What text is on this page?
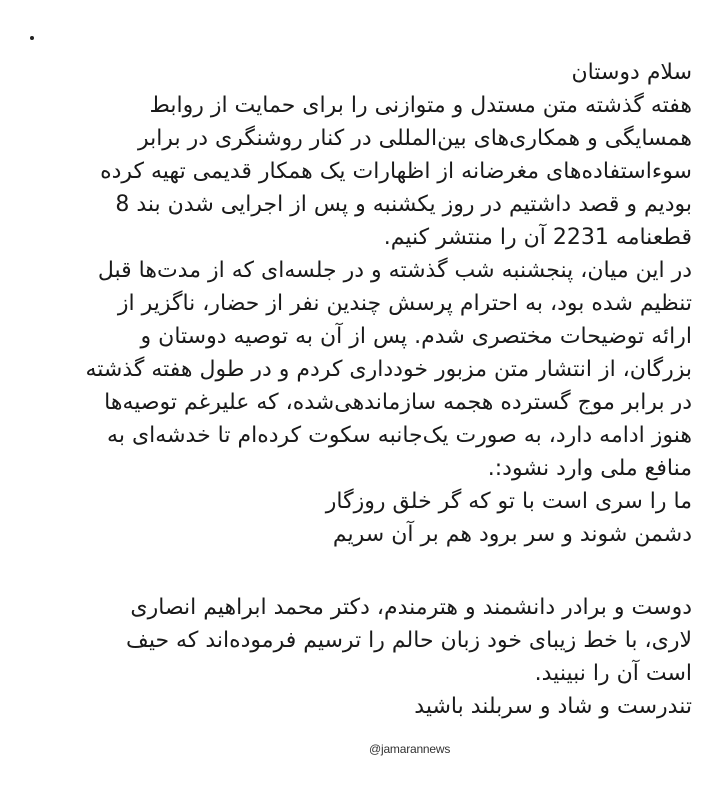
سلام دوستان
هفته گذشته متن مستدل و متوازنی را برای حمایت از روابط
همسایگی و همکاری‌های بین‌المللی در کنار روشنگری در برابر
سوءاستفاده‌های مغرضانه از اظهارات یک همکار قدیمی تهیه کرده
بودیم و قصد داشتیم در روز یکشنبه و پس از اجرایی شدن بند 8
قطعنامه 2231 آن را منتشر کنیم.
در این میان، پنجشنبه شب گذشته و در جلسه‌ای که از مدت‌ها قبل
تنظیم شده بود، به احترام پرسش چندین نفر از حضار، ناگزیر از
ارائه توضیحات مختصری شدم. پس از آن به توصیه دوستان و
بزرگان، از انتشار متن مزبور خودداری کردم و در طول هفته گذشته
در برابر موج گسترده هجمه سازماندهی‌شده، که علیرغم توصیه‌ها
هنوز ادامه دارد، به صورت یک‌جانبه سکوت کرده‌ام تا خدشه‌ای به
منافع ملی وارد نشود:.
ما را سری است با تو که گر خلق روزگار
دشمن شوند و سر برود هم بر آن سریم
دوست و برادر دانشمند و هترمندم، دکتر محمد ابراهیم انصاری
لاری، با خط زیبای خود زبان حالم را ترسیم فرموده‌اند که حیف
است آن را نبینید.
تندرست و شاد و سربلند باشید
@jamarannews
